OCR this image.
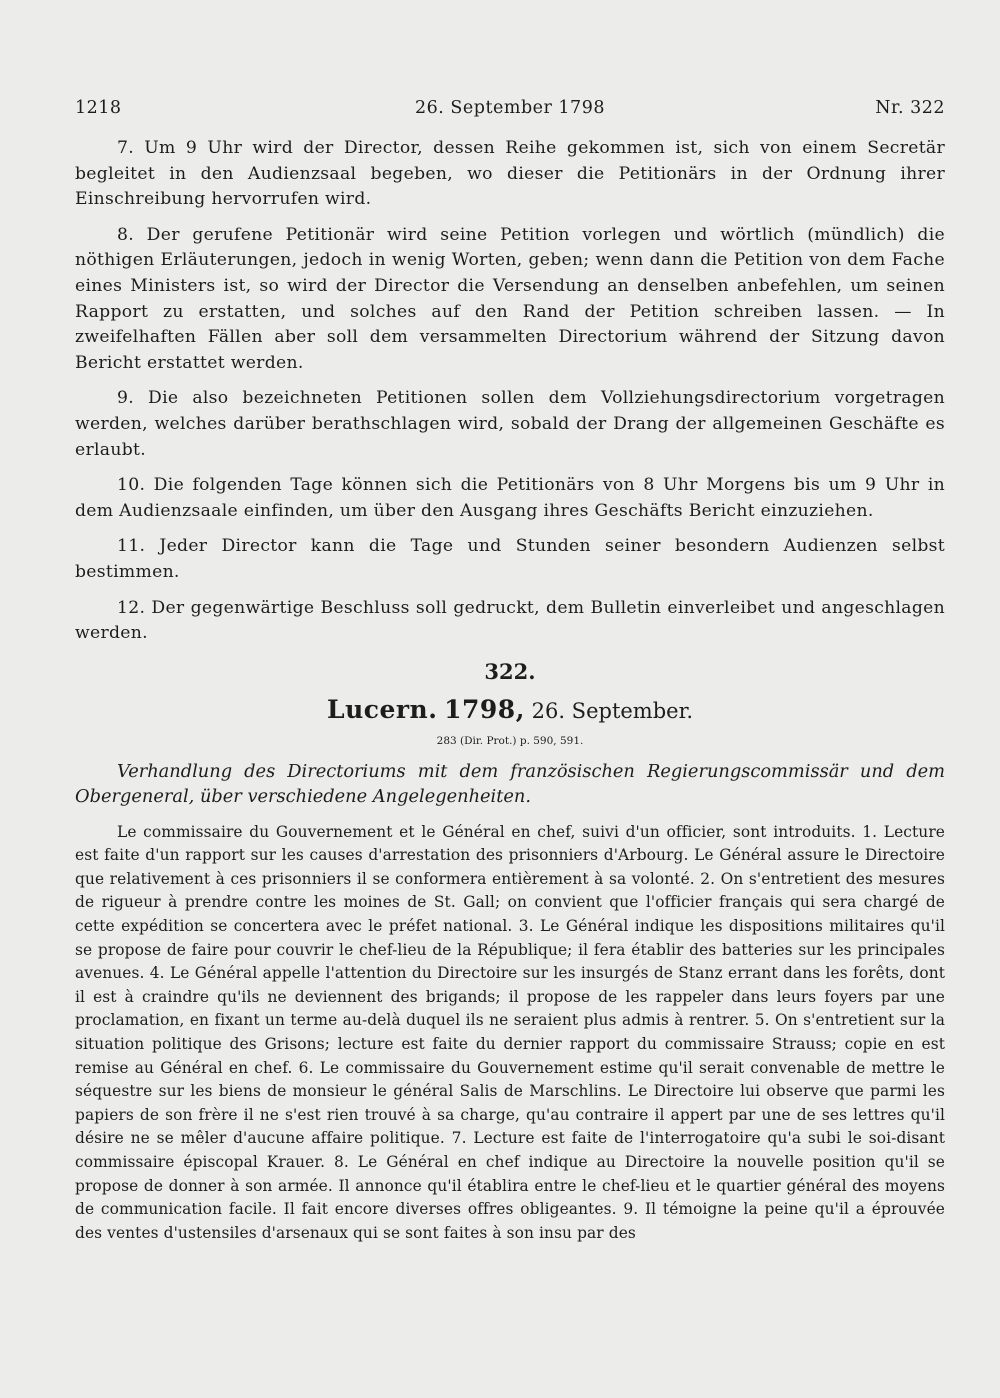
26. September 1798
1218	Nr. 322

7. Um 9 Uhr wird der Director, dessen Reihe gekommen ist, sich von einem Secretär begleitet in den Audienzsaal begeben, wo dieser die Petitionärs in der Ordnung ihrer Einschreibung hervorrufen wird.

8. Der gerufene Petitionär wird seine Petition vorlegen und wörtlich (mündlich) die nöthigen Erläuterungen, jedoch in wenig Worten, geben; wenn dann die Petition von dem Fache eines Ministers ist, so wird der Director die Versendung an denselben anbefehlen, um seinen Rapport zu erstatten, und solches auf den Rand der Petition schreiben lassen. — In zweifelhaften Fällen aber soll dem versammelten Directorium während der Sitzung davon Bericht erstattet werden.

9. Die also bezeichneten Petitionen sollen dem Vollziehungsdirectorium vorgetragen werden, welches darüber berathschlagen wird, sobald der Drang der allgemeinen Geschäfte es erlaubt.

10. Die folgenden Tage können sich die Petitionärs von 8 Uhr Morgens bis um 9 Uhr in dem Audienzsaale einfinden, um über den Ausgang ihres Geschäfts Bericht einzuziehen.

11. Jeder Director kann die Tage und Stunden seiner besondern Audienzen selbst bestimmen.

12. Der gegenwärtige Beschluss soll gedruckt, dem Bulletin einverleibet und angeschlagen werden.

322.
Lucern. 1798, 26. September.
283 (Dir. Prot.) p. 590, 591.

Verhandlung des Directoriums mit dem französischen Regierungscommissär und dem Obergeneral, über verschiedene Angelegenheiten.

Le commissaire du Gouvernement et le Général en chef, suivi d'un officier, sont introduits. 1. Lecture est faite d'un rapport sur les causes d'arrestation des prisonniers d'Arbourg. Le Général assure le Directoire que relativement à ces prisonniers il se conformera entièrement à sa volonté. 2. On s'entretient des mesures de rigueur à prendre contre les moines de St. Gall; on convient que l'officier français qui sera chargé de cette expédition se concertera avec le préfet national. 3. Le Général indique les dispositions militaires qu'il se propose de faire pour couvrir le chef-lieu de la République; il fera établir des batteries sur les principales avenues. 4. Le Général appelle l'attention du Directoire sur les insurgés de Stanz errant dans les forêts, dont il est à craindre qu'ils ne deviennent des brigands; il propose de les rappeler dans leurs foyers par une proclamation, en fixant un terme au-delà duquel ils ne seraient plus admis à rentrer. 5. On s'entretient sur la situation politique des Grisons; lecture est faite du dernier rapport du commissaire Strauss; copie en est remise au Général en chef. 6. Le commissaire du Gouvernement estime qu'il serait convenable de mettre le séquestre sur les biens de monsieur le général Salis de Marschlins. Le Directoire lui observe que parmi les papiers de son frère il ne s'est rien trouvé à sa charge, qu'au contraire il appert par une de ses lettres qu'il désire ne se mêler d'aucune affaire politique. 7. Lecture est faite de l'interrogatoire qu'a subi le soi-disant commissaire épiscopal Krauer. 8. Le Général en chef indique au Directoire la nouvelle position qu'il se propose de donner à son armée. Il annonce qu'il établira entre le chef-lieu et le quartier général des moyens de communication facile. Il fait encore diverses offres obligeantes. 9. Il témoigne la peine qu'il a éprouvée des ventes d'ustensiles d'arsenaux qui se sont faites à son insu par des
